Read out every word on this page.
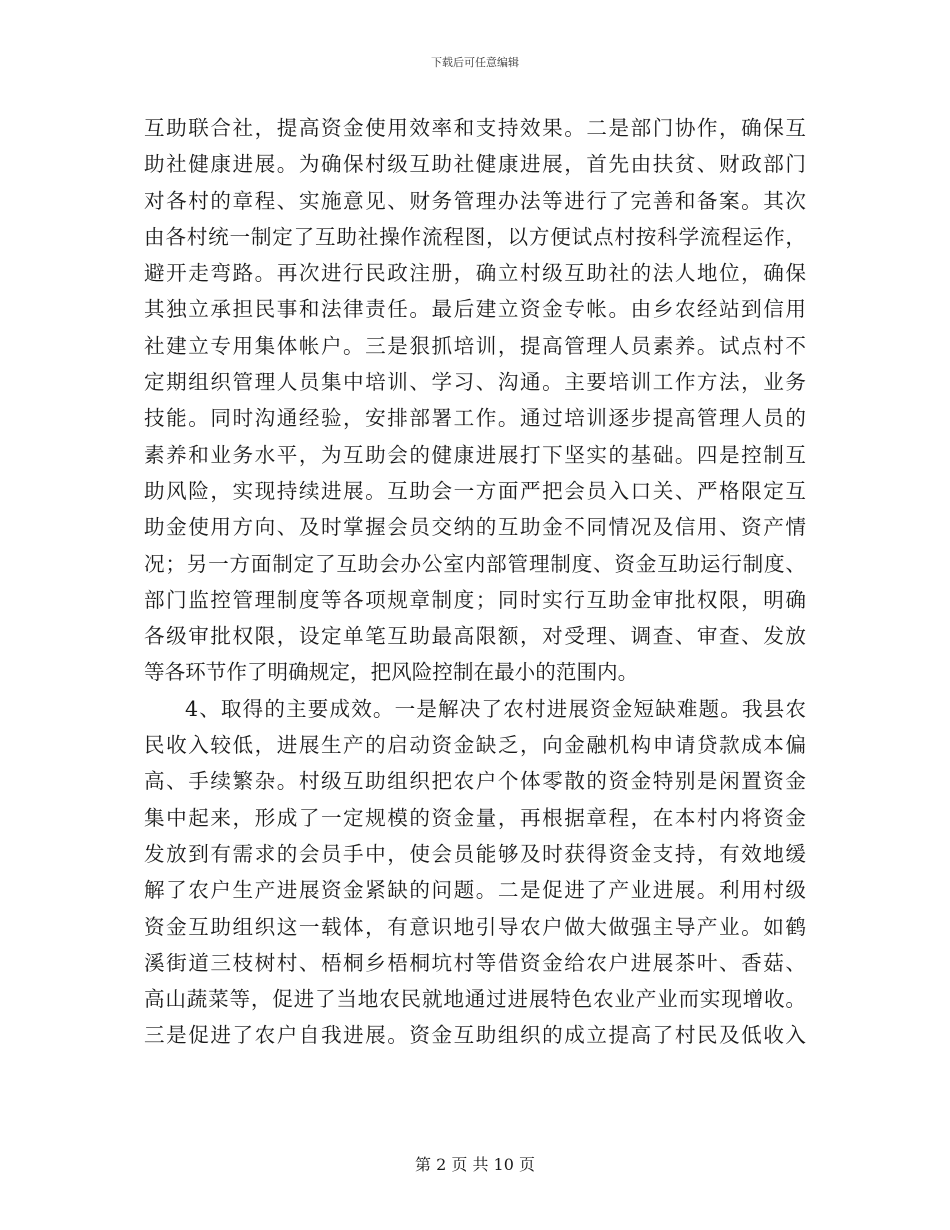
下载后可任意编辑
互助联合社，提高资金使用效率和支持效果。二是部门协作，确保互
助社健康进展。为确保村级互助社健康进展，首先由扶贫、财政部门
对各村的章程、实施意见、财务管理办法等进行了完善和备案。其次
由各村统一制定了互助社操作流程图，以方便试点村按科学流程运作，
避开走弯路。再次进行民政注册，确立村级互助社的法人地位，确保
其独立承担民事和法律责任。最后建立资金专帐。由乡农经站到信用
社建立专用集体帐户。三是狠抓培训，提高管理人员素养。试点村不
定期组织管理人员集中培训、学习、沟通。主要培训工作方法，业务
技能。同时沟通经验，安排部署工作。通过培训逐步提高管理人员的
素养和业务水平，为互助会的健康进展打下坚实的基础。四是控制互
助风险，实现持续进展。互助会一方面严把会员入口关、严格限定互
助金使用方向、及时掌握会员交纳的互助金不同情况及信用、资产情
况；另一方面制定了互助会办公室内部管理制度、资金互助运行制度、
部门监控管理制度等各项规章制度；同时实行互助金审批权限，明确
各级审批权限，设定单笔互助最高限额，对受理、调查、审查、发放
等各环节作了明确规定，把风险控制在最小的范围内。
4、取得的主要成效。一是解决了农村进展资金短缺难题。我县农
民收入较低，进展生产的启动资金缺乏，向金融机构申请贷款成本偏
高、手续繁杂。村级互助组织把农户个体零散的资金特别是闲置资金
集中起来，形成了一定规模的资金量，再根据章程，在本村内将资金
发放到有需求的会员手中，使会员能够及时获得资金支持，有效地缓
解了农户生产进展资金紧缺的问题。二是促进了产业进展。利用村级
资金互助组织这一载体，有意识地引导农户做大做强主导产业。如鹤
溪街道三枝树村、梧桐乡梧桐坑村等借资金给农户进展茶叶、香菇、
高山蔬菜等，促进了当地农民就地通过进展特色农业产业而实现增收。
三是促进了农户自我进展。资金互助组织的成立提高了村民及低收入
第 2 页 共 10 页
